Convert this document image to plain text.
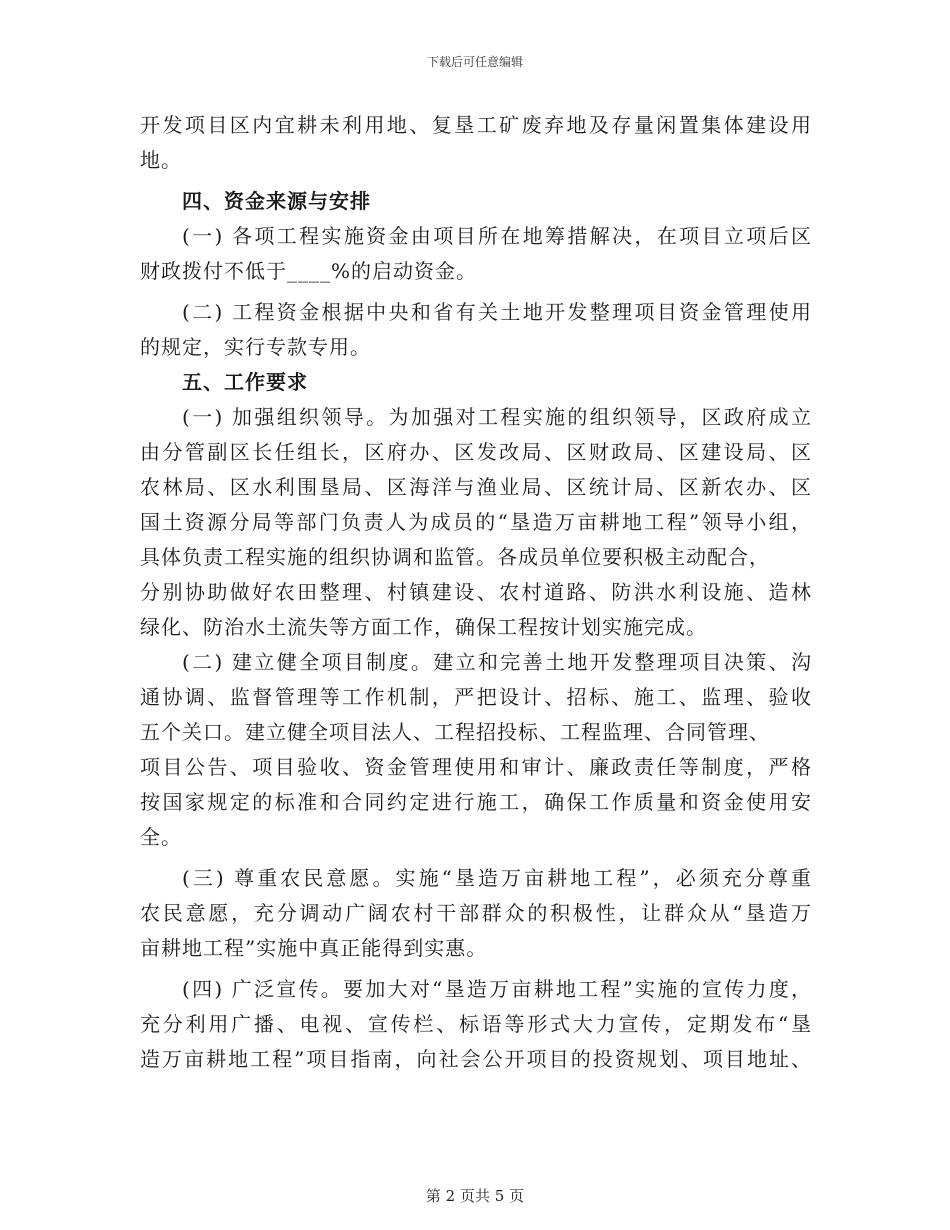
下载后可任意编辑
开发项目区内宜耕未利用地、复垦工矿废弃地及存量闲置集体建设用
地。
四、资金来源与安排
(一) 各项工程实施资金由项目所在地筹措解决，在项目立项后区
财政拨付不低于____%的启动资金。
(二) 工程资金根据中央和省有关土地开发整理项目资金管理使用
的规定，实行专款专用。
五、工作要求
(一) 加强组织领导。为加强对工程实施的组织领导，区政府成立
由分管副区长任组长，区府办、区发改局、区财政局、区建设局、区
农林局、区水利围垦局、区海洋与渔业局、区统计局、区新农办、区
国土资源分局等部门负责人为成员的“垦造万亩耕地工程”领导小组，
具体负责工程实施的组织协调和监管。各成员单位要积极主动配合，
分别协助做好农田整理、村镇建设、农村道路、防洪水利设施、造林
绿化、防治水土流失等方面工作，确保工程按计划实施完成。
(二) 建立健全项目制度。建立和完善土地开发整理项目决策、沟
通协调、监督管理等工作机制，严把设计、招标、施工、监理、验收
五个关口。建立健全项目法人、工程招投标、工程监理、合同管理、
项目公告、项目验收、资金管理使用和审计、廉政责任等制度，严格
按国家规定的标准和合同约定进行施工，确保工作质量和资金使用安
全。
(三) 尊重农民意愿。实施“垦造万亩耕地工程”，必须充分尊重
农民意愿，充分调动广阔农村干部群众的积极性，让群众从“垦造万
亩耕地工程”实施中真正能得到实惠。
(四) 广泛宣传。要加大对“垦造万亩耕地工程”实施的宣传力度，
充分利用广播、电视、宣传栏、标语等形式大力宣传，定期发布“垦
造万亩耕地工程”项目指南，向社会公开项目的投资规划、项目地址、
第 2 页共 5 页
